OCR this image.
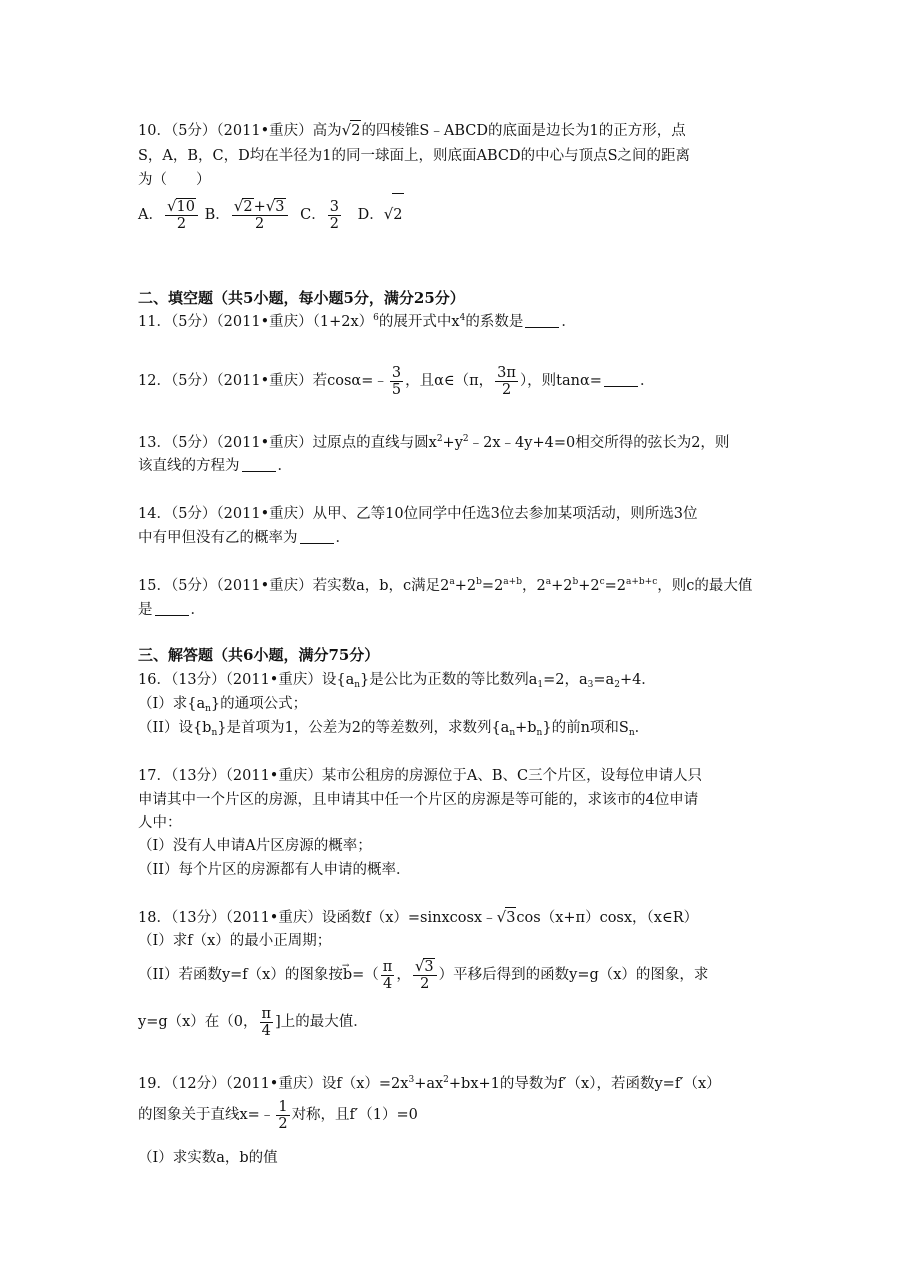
10．（5分）（2011•重庆）高为√2的四棱锥S﹣ABCD的底面是边长为1的正方形，点
S，A，B，C，D均在半径为1的同一球面上，则底面ABCD的中心与顶点S之间的距离
为（　　）
A． $\frac{√10}{2}$ B． $\frac{√2+√3}{2}$ C． $\frac{3}{2}$ D．√2
二、填空题（共5小题，每小题5分，满分25分）
11．（5分）（2011•重庆）$(1+2x)^6$的展开式中$x^4$的系数是	．
12．（5分）（2011•重庆）若cosα=﹣ $\frac{3}{5}$ ，且α∈（π， $\frac{3\pi}{2}$ ），则tanα=	．
13．（5分）（2011•重庆）过原点的直线与圆$x^2+y^2﹣2x﹣4y+4=0$相交所得的弦长为2，则
该直线的方程为	．
14．（5分）（2011•重庆）从甲、乙等10位同学中任选3位去参加某项活动，则所选3位
中有甲但没有乙的概率为	．
15．（5分）（2011•重庆）若实数a，b，c满足$2^a+2^b=2^{a+b}$，$2^a+2^b+2^c=2^{a+b+c}$，则c的最大值
是	．
三、解答题（共6小题，满分75分）
16．（13分）（2011•重庆）设$\{a_n\}$是公比为正数的等比数列$a_1=2$，$a_3=a_2+4$．
（I）求$\{a_n\}$的通项公式；
（II）设$\{b_n\}$是首项为1，公差为2的等差数列，求数列$\{a_n+b_n\}$的前n项和$S_n$．
17．（13分）（2011•重庆）某市公租房的房源位于A、B、C三个片区，设每位申请人只
申请其中一个片区的房源，且申请其中任一个片区的房源是等可能的，求该市的4位申请
人中：
（I）没有人申请A片区房源的概率；
（II）每个片区的房源都有人申请的概率．
18．（13分）（2011•重庆）设函数f（x）=sinxcosx﹣√3cos（x+π）cosx，（x∈R）
（I）求f（x）的最小正周期；
（II）若函数y=f（x）的图象按→ $b=( \frac{\pi}{4}$ ， $\frac{√3}{2}$ ）平移后得到的函数y=g（x）的图象，求
y=g（x）在（0， $\frac{\pi}{4}$ ]上的最大值．
19．（12分）（2011•重庆）设$f(x)=2x^3+ax^2+bx+1$的导数为f′（x），若函数y=f′（x）
的图象关于直线x=﹣ $\frac{1}{2}$ 对称，且f′（1）=0
（I）求实数a，b的值
